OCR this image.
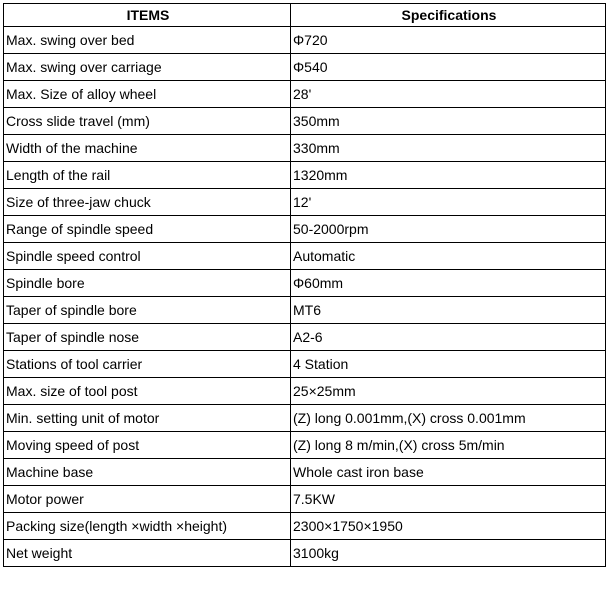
ITEMS	Specifications
Max. swing over bed	Φ720
Max. swing over carriage	Φ540
Max. Size of alloy wheel	28'
Cross slide travel (mm)	350mm
Width of the machine	330mm
Length of the rail	1320mm
Size of three-jaw chuck	12'
Range of spindle speed	50-2000rpm
Spindle speed control	Automatic
Spindle bore	Φ60mm
Taper of spindle bore	MT6
Taper of spindle nose	A2-6
Stations of tool carrier	4 Station
Max. size of tool post	25×25mm
Min. setting unit of motor	(Z) long 0.001mm,(X) cross 0.001mm
Moving speed of post	(Z) long 8 m/min,(X) cross 5m/min
Machine base	Whole cast iron base
Motor power	7.5KW
Packing size(length ×width ×height)	2300×1750×1950
Net weight	3100kg
